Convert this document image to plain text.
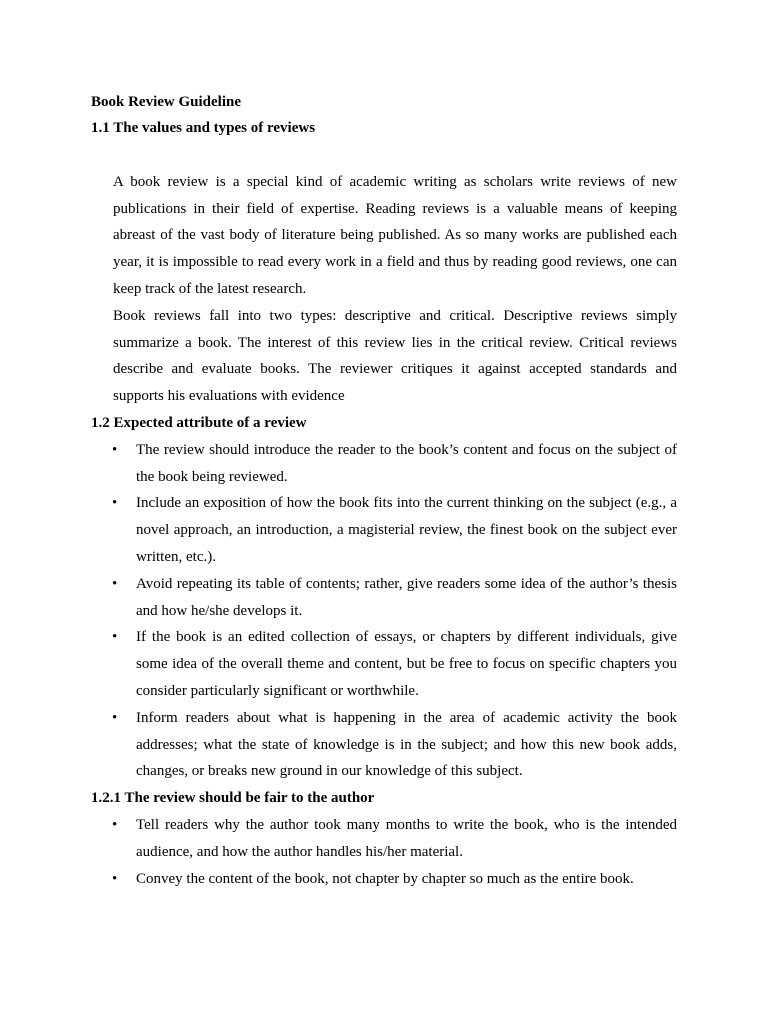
Book Review Guideline

1.1 The values and types of reviews

A book review is a special kind of academic writing as scholars write reviews of new publications in their field of expertise. Reading reviews is a valuable means of keeping abreast of the vast body of literature being published. As so many works are published each year, it is impossible to read every work in a field and thus by reading good reviews, one can keep track of the latest research.

Book reviews fall into two types: descriptive and critical. Descriptive reviews simply summarize a book. The interest of this review lies in the critical review. Critical reviews describe and evaluate books. The reviewer critiques it against accepted standards and supports his evaluations with evidence

1.2 Expected attribute of a review

• The review should introduce the reader to the book’s content and focus on the subject of the book being reviewed.
• Include an exposition of how the book fits into the current thinking on the subject (e.g., a novel approach, an introduction, a magisterial review, the finest book on the subject ever written, etc.).
• Avoid repeating its table of contents; rather, give readers some idea of the author’s thesis and how he/she develops it.
• If the book is an edited collection of essays, or chapters by different individuals, give some idea of the overall theme and content, but be free to focus on specific chapters you consider particularly significant or worthwhile.
• Inform readers about what is happening in the area of academic activity the book addresses; what the state of knowledge is in the subject; and how this new book adds, changes, or breaks new ground in our knowledge of this subject.

1.2.1 The review should be fair to the author

• Tell readers why the author took many months to write the book, who is the intended audience, and how the author handles his/her material.
• Convey the content of the book, not chapter by chapter so much as the entire book.
